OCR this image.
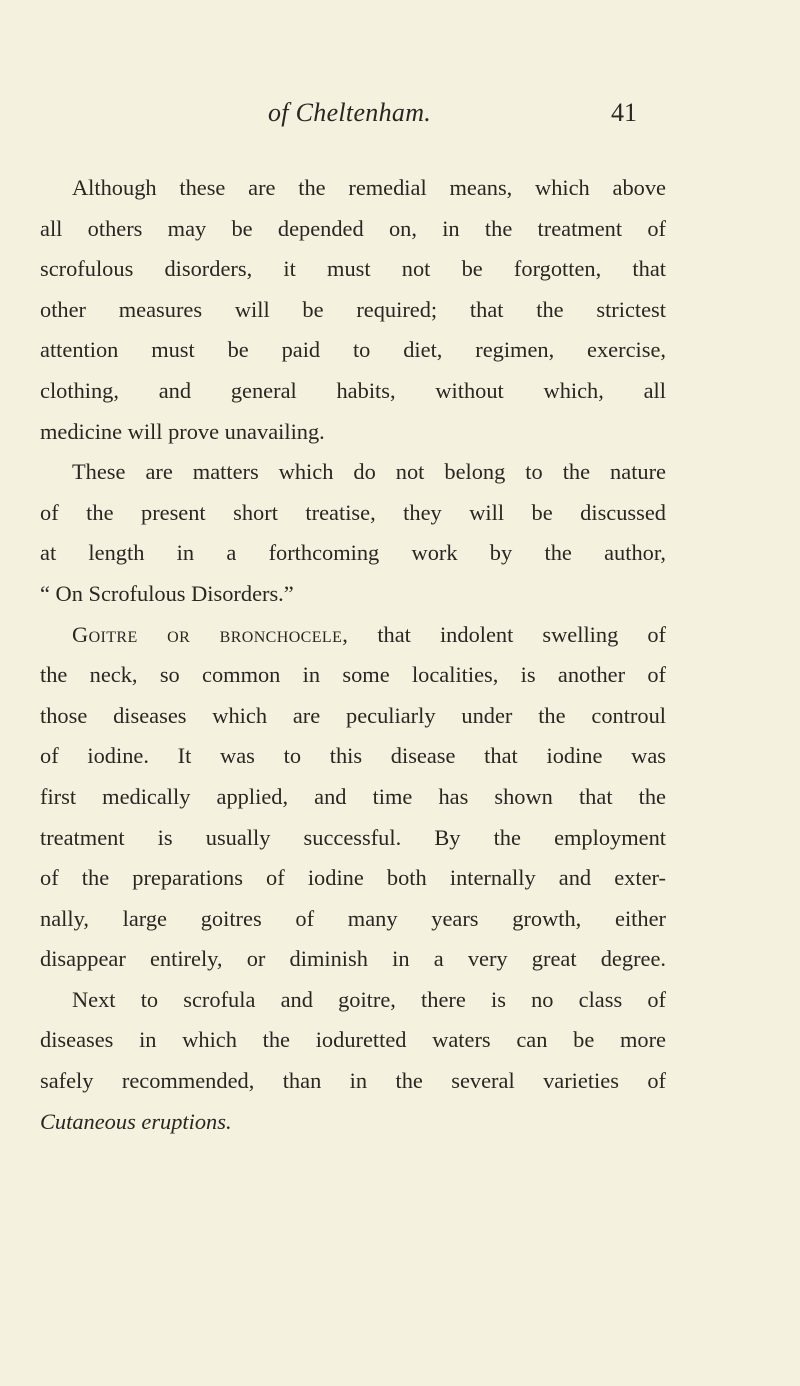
of Cheltenham.	41
Although these are the remedial means, which above
all others may be depended on, in the treatment of
scrofulous disorders, it must not be forgotten, that
other measures will be required; that the strictest
attention must be paid to diet, regimen, exercise,
clothing, and general habits, without which, all
medicine will prove unavailing.
These are matters which do not belong to the nature
of the present short treatise, they will be discussed
at length in a forthcoming work by the author,
“ On Scrofulous Disorders.”
Goitre or bronchocele, that indolent swelling of
the neck, so common in some localities, is another of
those diseases which are peculiarly under the controul
of iodine. It was to this disease that iodine was
first medically applied, and time has shown that the
treatment is usually successful. By the employment
of the preparations of iodine both internally and exter-
nally, large goitres of many years growth, either
disappear entirely, or diminish in a very great degree.
Next to scrofula and goitre, there is no class of
diseases in which the ioduretted waters can be more
safely recommended, than in the several varieties of
Cutaneous eruptions.
